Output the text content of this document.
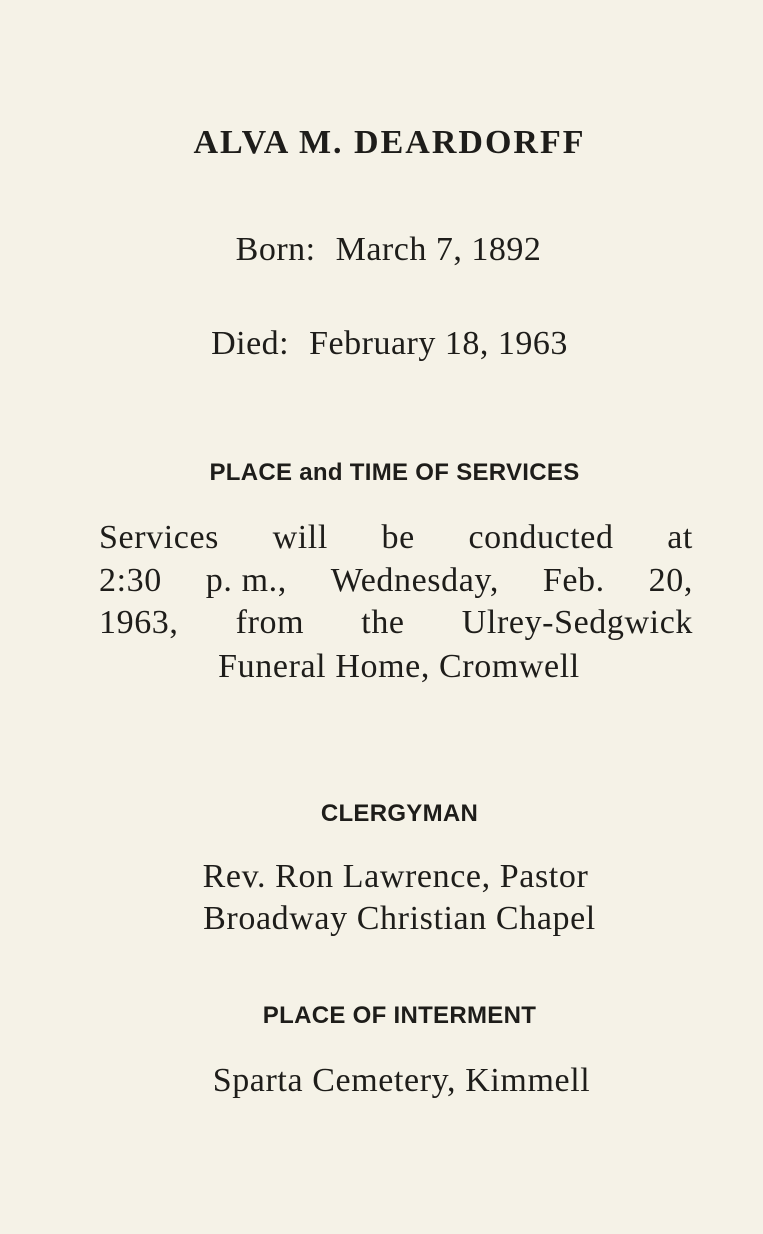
ALVA M. DEARDORFF
Born: March 7, 1892
Died: February 18, 1963
PLACE and TIME OF SERVICES
Services will be conducted at
2:30 p. m., Wednesday, Feb. 20,
1963, from the Ulrey-Sedgwick
Funeral Home, Cromwell
CLERGYMAN
Rev. Ron Lawrence, Pastor
Broadway Christian Chapel
PLACE OF INTERMENT
Sparta Cemetery, Kimmell
